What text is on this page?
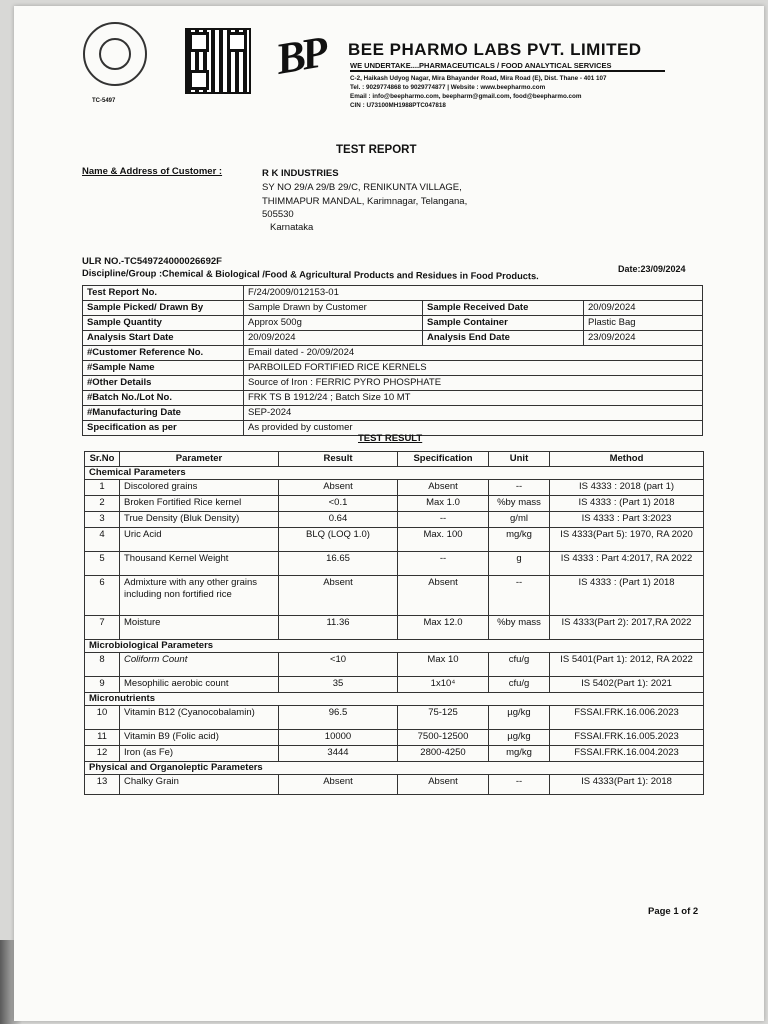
TC-5497
BP BEE PHARMO LABS PVT. LIMITED
WE UNDERTAKE....PHARMACEUTICALS / FOOD ANALYTICAL SERVICES
C-2, Haikash Udyog Nagar, Mira Bhayander Road, Mira Road (E), Dist. Thane - 401 107
Tel. : 9029774868 to 9029774877 | Website : www.beepharmo.com
Email : info@beepharmo.com, beepharm@gmail.com, food@beepharmo.com
CIN : U73100MH1988PTC047818
TEST REPORT
Name & Address of Customer :	R K INDUSTRIES
SY NO 29/A 29/B 29/C, RENIKUNTA VILLAGE,
THIMMAPUR MANDAL, Karimnagar, Telangana,
505530
Karnataka
ULR NO.-TC549724000026692F
Date:23/09/2024
Discipline/Group :Chemical & Biological /Food & Agricultural Products and Residues in Food Products.
Test Report No.	F/24/2009/012153-01		
Sample Picked/ Drawn By	Sample Drawn by Customer	Sample Received Date	20/09/2024
Sample Quantity	Approx 500g	Sample Container	Plastic Bag
Analysis Start Date	20/09/2024	Analysis End Date	23/09/2024
#Customer Reference No.	Email dated - 20/09/2024		
#Sample Name	PARBOILED FORTIFIED RICE KERNELS		
#Other Details	Source of Iron : FERRIC PYRO PHOSPHATE		
#Batch No./Lot No.	FRK TS B 1912/24 ; Batch Size 10 MT		
#Manufacturing Date	SEP-2024		
Specification as per	As provided by customer		
TEST RESULT
Sr.No	Parameter	Result	Specification	Unit	Method
Chemical Parameters					
1	Discolored grains	Absent	Absent	--	IS 4333 : 2018 (part 1)
2	Broken Fortified Rice kernel	<0.1	Max 1.0	%by mass	IS 4333 : (Part 1) 2018
3	True Density (Bluk Density)	0.64	--	g/ml	IS 4333 : Part 3:2023
4	Uric Acid	BLQ (LOQ 1.0)	Max. 100	mg/kg	IS 4333(Part 5): 1970, RA 2020
5	Thousand Kernel Weight	16.65	--	g	IS 4333 : Part 4:2017, RA 2022
6	Admixture with any other grains including non fortified rice	Absent	Absent	--	IS 4333 : (Part 1) 2018
7	Moisture	11.36	Max 12.0	%by mass	IS 4333(Part 2): 2017,RA 2022
Microbiological Parameters					
8	Coliform Count	<10	Max 10	cfu/g	IS 5401(Part 1): 2012, RA 2022
9	Mesophilic aerobic count	35	1x10⁴	cfu/g	IS 5402(Part 1): 2021
Micronutrients					
10	Vitamin B12 (Cyanocobalamin)	96.5	75-125	µg/kg	FSSAI.FRK.16.006.2023
11	Vitamin B9 (Folic acid)	10000	7500-12500	µg/kg	FSSAI.FRK.16.005.2023
12	Iron (as Fe)	3444	2800-4250	mg/kg	FSSAI.FRK.16.004.2023
Physical and Organoleptic Parameters					
13	Chalky Grain	Absent	Absent	--	IS 4333(Part 1): 2018
Page 1 of 2
